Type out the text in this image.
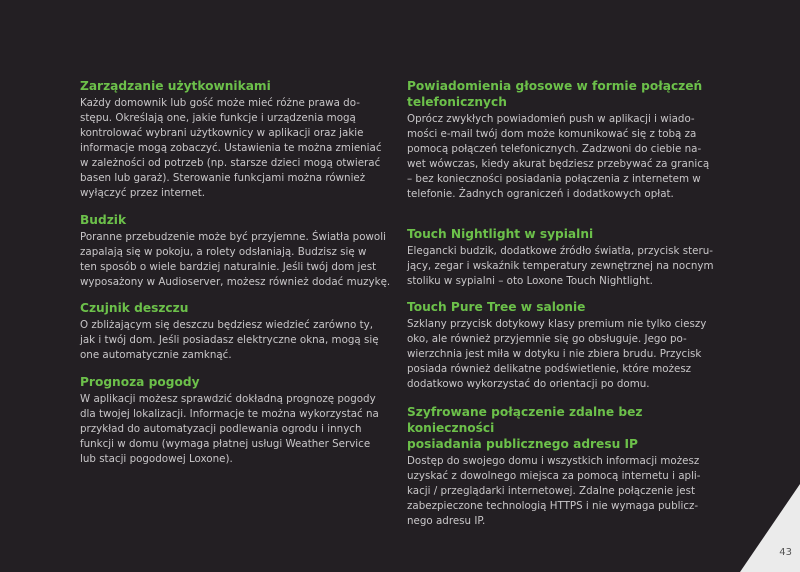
Zarządzanie użytkownikami
Każdy domownik lub gość może mieć różne prawa do-
stępu. Określają one, jakie funkcje i urządzenia mogą
kontrolować wybrani użytkownicy w aplikacji oraz jakie
informacje mogą zobaczyć. Ustawienia te można zmieniać
w zależności od potrzeb (np. starsze dzieci mogą otwierać
basen lub garaż). Sterowanie funkcjami można również
wyłączyć przez internet.
Budzik
Poranne przebudzenie może być przyjemne. Światła powoli
zapalają się w pokoju, a rolety odsłaniają. Budzisz się w
ten sposób o wiele bardziej naturalnie. Jeśli twój dom jest
wyposażony w Audioserver, możesz również dodać muzykę.
Czujnik deszczu
O zbliżającym się deszczu będziesz wiedzieć zarówno ty,
jak i twój dom. Jeśli posiadasz elektryczne okna, mogą się
one automatycznie zamknąć.
Prognoza pogody
W aplikacji możesz sprawdzić dokładną prognozę pogody
dla twojej lokalizacji. Informacje te można wykorzystać na
przykład do automatyzacji podlewania ogrodu i innych
funkcji w domu (wymaga płatnej usługi Weather Service
lub stacji pogodowej Loxone).
Powiadomienia głosowe w formie połączeń
telefonicznych
Oprócz zwykłych powiadomień push w aplikacji i wiado-
mości e-mail twój dom może komunikować się z tobą za
pomocą połączeń telefonicznych. Zadzwoni do ciebie na-
wet wówczas, kiedy akurat będziesz przebywać za granicą
– bez konieczności posiadania połączenia z internetem w
telefonie. Żadnych ograniczeń i dodatkowych opłat.
Touch Nightlight w sypialni
Elegancki budzik, dodatkowe źródło światła, przycisk steru-
jący, zegar i wskaźnik temperatury zewnętrznej na nocnym
stoliku w sypialni – oto Loxone Touch Nightlight.
Touch Pure Tree w salonie
Szklany przycisk dotykowy klasy premium nie tylko cieszy
oko, ale również przyjemnie się go obsługuje. Jego po-
wierzchnia jest miła w dotyku i nie zbiera brudu. Przycisk
posiada również delikatne podświetlenie, które możesz
dodatkowo wykorzystać do orientacji po domu.
Szyfrowane połączenie zdalne bez konieczności
posiadania publicznego adresu IP
Dostęp do swojego domu i wszystkich informacji możesz
uzyskać z dowolnego miejsca za pomocą internetu i apli-
kacji / przeglądarki internetowej. Zdalne połączenie jest
zabezpieczone technologią HTTPS i nie wymaga publicz-
nego adresu IP.
43
